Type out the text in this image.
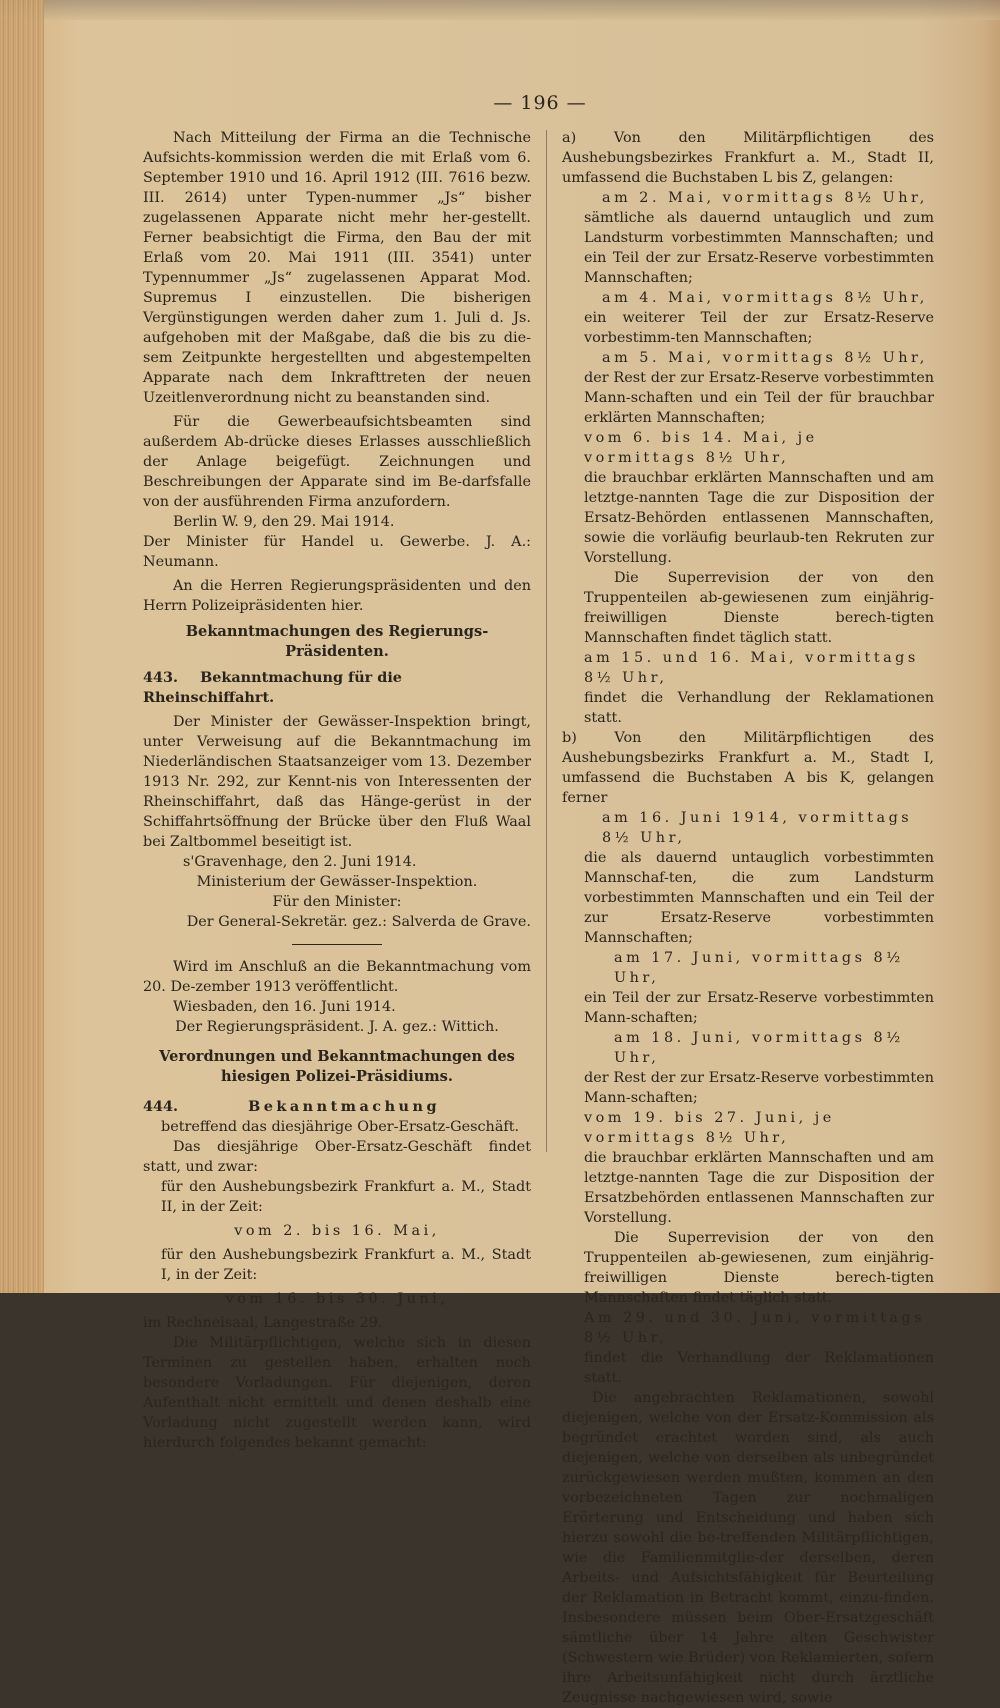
— 196 —

Nach Mitteilung der Firma an die Technische Aufsichts-kommission werden die mit Erlaß vom 6. September 1910 und 16. April 1912 (III. 7616 bezw. III. 2614) unter Typen-nummer „Js“ bisher zugelassenen Apparate nicht mehr her-gestellt. Ferner beabsichtigt die Firma, den Bau der mit Erlaß vom 20. Mai 1911 (III. 3541) unter Typennummer „Js“ zugelassenen Apparat Mod. Supremus I einzustellen. Die bisherigen Vergünstigungen werden daher zum 1. Juli d. Js. aufgehoben mit der Maßgabe, daß die bis zu die-sem Zeitpunkte hergestellten und abgestempelten Apparate nach dem Inkrafttreten der neuen Uzeitlenverordnung nicht zu beanstanden sind.

Für die Gewerbeaufsichtsbeamten sind außerdem Ab-drücke dieses Erlasses ausschließlich der Anlage beigefügt. Zeichnungen und Beschreibungen der Apparate sind im Be-darfsfalle von der ausführenden Firma anzufordern.

Berlin W. 9, den 29. Mai 1914.

Der Minister für Handel u. Gewerbe. J. A.: Neumann.

An die Herren Regierungspräsidenten und den Herrn Polizeipräsidenten hier.

Bekanntmachungen des Regierungs-Präsidenten.

443. Bekanntmachung für die Rheinschiffahrt.

Der Minister der Gewässer-Inspektion bringt, unter Verweisung auf die Bekanntmachung im Niederländischen Staatsanzeiger vom 13. Dezember 1913 Nr. 292, zur Kennt-nis von Interessenten der Rheinschiffahrt, daß das Hänge-gerüst in der Schiffahrtsöffnung der Brücke über den Fluß Waal bei Zaltbommel beseitigt ist.

s'Gravenhage, den 2. Juni 1914.

Ministerium der Gewässer-Inspektion.

Für den Minister:

Der General-Sekretär. gez.: Salverda de Grave.

Wird im Anschluß an die Bekanntmachung vom 20. De-zember 1913 veröffentlicht.

Wiesbaden, den 16. Juni 1914.

Der Regierungspräsident. J. A. gez.: Wittich.

Verordnungen und Bekanntmachungen des hiesigen Polizei-Präsidiums.

444.	Bekanntmachung

betreffend das diesjährige Ober-Ersatz-Geschäft.

Das diesjährige Ober-Ersatz-Geschäft findet statt, und zwar:

für den Aushebungsbezirk Frankfurt a. M., Stadt II, in der Zeit:

vom 2. bis 16. Mai,

für den Aushebungsbezirk Frankfurt a. M., Stadt I, in der Zeit:

vom 16. bis 30. Juni,

im Rechneisaal, Langestraße 29.

Die Militärpflichtigen, welche sich in diesen Terminen zu gestellen haben, erhalten noch besondere Vorladungen. Für diejenigen, deren Aufenthalt nicht ermittelt und denen deshalb eine Vorladung nicht zugestellt werden kann, wird hierdurch folgendes bekannt gemacht:

a)	Von den Militärpflichtigen des Aushebungsbezirkes Frankfurt a. M., Stadt II, umfassend die Buchstaben L bis Z, gelangen:

am 2. Mai, vormittags 8½ Uhr,

sämtliche als dauernd untauglich und zum Landsturm vorbestimmten Mannschaften; und ein Teil der zur Ersatz-Reserve vorbestimmten Mannschaften;

am 4. Mai, vormittags 8½ Uhr,

ein weiterer Teil der zur Ersatz-Reserve vorbestimm-ten Mannschaften;

am 5. Mai, vormittags 8½ Uhr,

der Rest der zur Ersatz-Reserve vorbestimmten Mann-schaften und ein Teil der für brauchbar erklärten Mannschaften;

vom 6. bis 14. Mai, je vormittags 8½ Uhr,

die brauchbar erklärten Mannschaften und am letztge-nannten Tage die zur Disposition der Ersatz-Behörden entlassenen Mannschaften, sowie die vorläufig beurlaub-ten Rekruten zur Vorstellung.

Die Superrevision der von den Truppenteilen ab-gewiesenen zum einjährig-freiwilligen Dienste berech-tigten Mannschaften findet täglich statt.

am 15. und 16. Mai, vormittags 8½ Uhr,

findet die Verhandlung der Reklamationen statt.

b)	Von den Militärpflichtigen des Aushebungsbezirks Frankfurt a. M., Stadt I, umfassend die Buchstaben A bis K, gelangen ferner

am 16. Juni 1914, vormittags 8½ Uhr,

die als dauernd untauglich vorbestimmten Mannschaf-ten, die zum Landsturm vorbestimmten Mannschaften und ein Teil der zur Ersatz-Reserve vorbestimmten Mannschaften;

am 17. Juni, vormittags 8½ Uhr,

ein Teil der zur Ersatz-Reserve vorbestimmten Mann-schaften;

am 18. Juni, vormittags 8½ Uhr,

der Rest der zur Ersatz-Reserve vorbestimmten Mann-schaften;

vom 19. bis 27. Juni, je vormittags 8½ Uhr,

die brauchbar erklärten Mannschaften und am letztge-nannten Tage die zur Disposition der Ersatzbehörden entlassenen Mannschaften zur Vorstellung.

Die Superrevision der von den Truppenteilen ab-gewiesenen, zum einjährig-freiwilligen Dienste berech-tigten Mannschaften findet täglich statt.

Am 29. und 30. Juni, vormittags 8½ Uhr,

findet die Verhandlung der Reklamationen statt.

Die angebrachten Reklamationen, sowohl diejenigen, welche von der Ersatz-Kommission als begründet erachtet worden sind, als auch diejenigen, welche von derselben als unbegründet zurückgewiesen werden mußten, kommen an den vorbezeichneten Tagen zur nochmaligen Erörterung und Entscheidung und haben sich hierzu sowohl die be-treffenden Militärpflichtigen, wie die Familienmitglie-der derselben, deren Arbeits- und Aufsichtsfähigkeit für Beurteilung der Reklamation in Betracht kommt, einzu-finden. Insbesondere müssen beim Ober-Ersatzgeschäft sämtliche über 14 Jahre alten Geschwister (Schwestern wie Brüder) von Reklamierten, sofern ihre Arbeitsunfähigkeit nicht durch ärztliche Zeugnisse nachgewiesen wird, sowie
